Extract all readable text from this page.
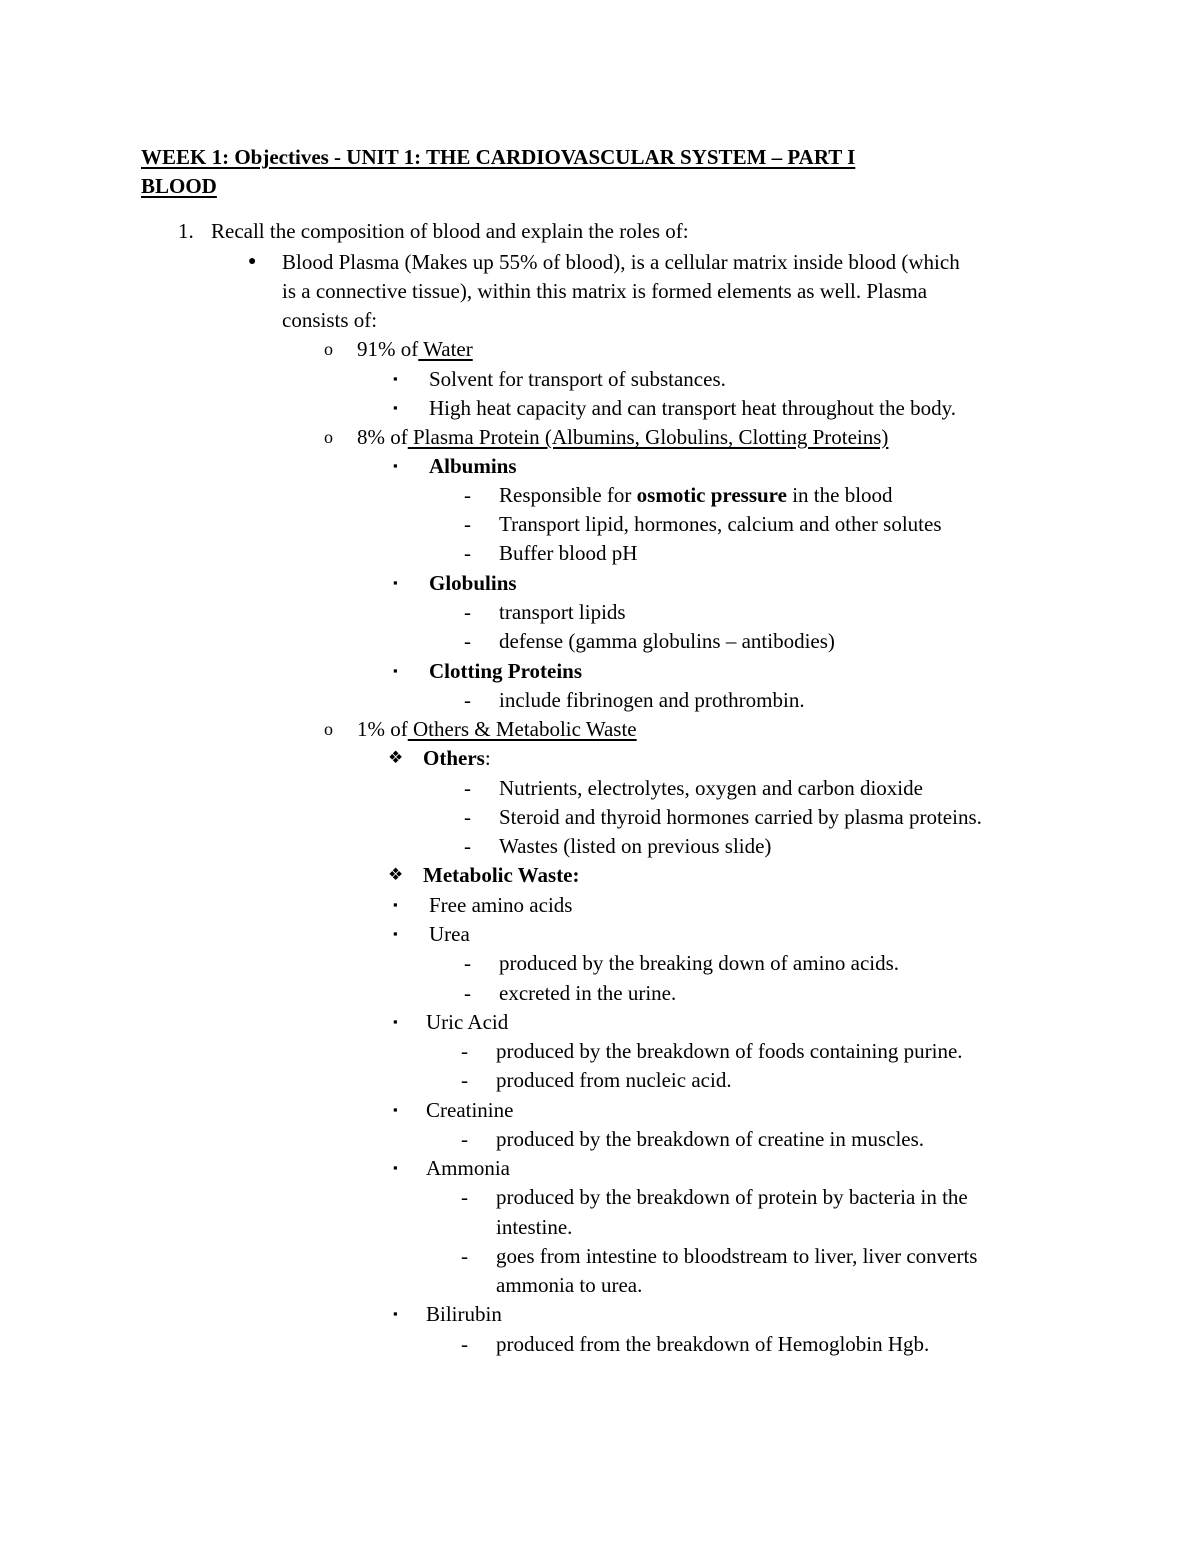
WEEK 1: Objectives - UNIT 1: THE CARDIOVASCULAR SYSTEM – PART I
BLOOD
1. Recall the composition of blood and explain the roles of:
● Blood Plasma (Makes up 55% of blood), is a cellular matrix inside blood (which
is a connective tissue), within this matrix is formed elements as well. Plasma
consists of:
o 91% of Water
▪ Solvent for transport of substances.
▪ High heat capacity and can transport heat throughout the body.
o 8% of Plasma Protein (Albumins, Globulins, Clotting Proteins)
▪ Albumins
- Responsible for osmotic pressure in the blood
- Transport lipid, hormones, calcium and other solutes
- Buffer blood pH
▪ Globulins
- transport lipids
- defense (gamma globulins – antibodies)
▪ Clotting Proteins
- include fibrinogen and prothrombin.
o 1% of Others & Metabolic Waste
❖ Others:
- Nutrients, electrolytes, oxygen and carbon dioxide
- Steroid and thyroid hormones carried by plasma proteins.
- Wastes (listed on previous slide)
❖ Metabolic Waste:
▪ Free amino acids
▪ Urea
- produced by the breaking down of amino acids.
- excreted in the urine.
▪ Uric Acid
- produced by the breakdown of foods containing purine.
- produced from nucleic acid.
▪ Creatinine
- produced by the breakdown of creatine in muscles.
▪ Ammonia
- produced by the breakdown of protein by bacteria in the
intestine.
- goes from intestine to bloodstream to liver, liver converts
ammonia to urea.
▪ Bilirubin
- produced from the breakdown of Hemoglobin Hgb.
